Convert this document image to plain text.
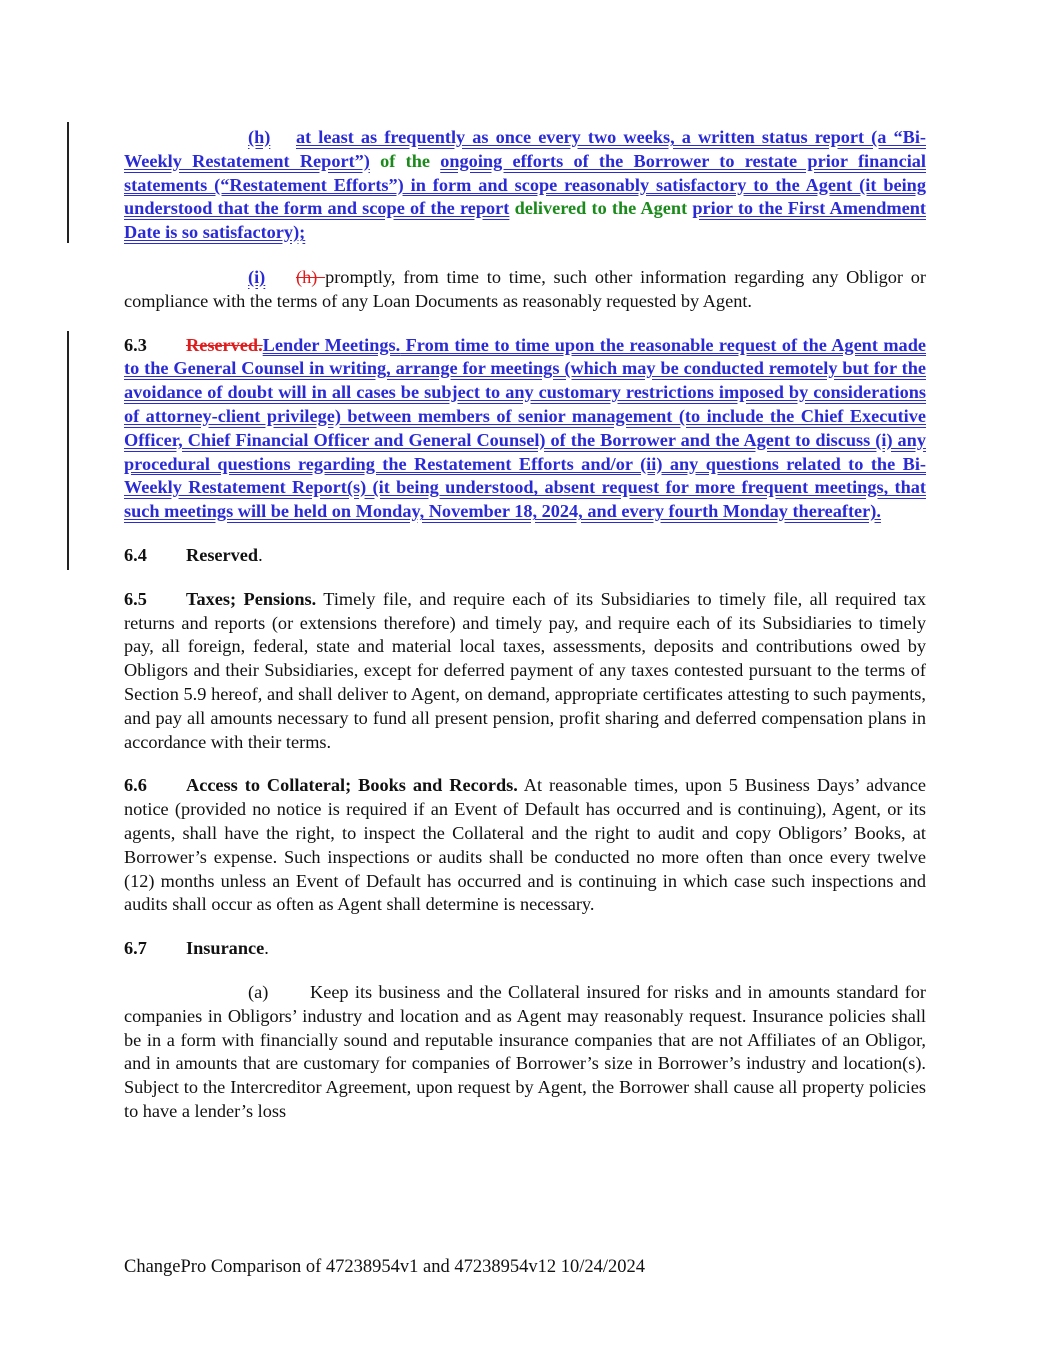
(h) at least as frequently as once every two weeks, a written status report (a “Bi-Weekly Restatement Report”) of the ongoing efforts of the Borrower to restate prior financial statements (“Restatement Efforts”) in form and scope reasonably satisfactory to the Agent (it being understood that the form and scope of the report delivered to the Agent prior to the First Amendment Date is so satisfactory);

(i) (h) promptly, from time to time, such other information regarding any Obligor or compliance with the terms of any Loan Documents as reasonably requested by Agent.

6.3 Reserved.Lender Meetings. From time to time upon the reasonable request of the Agent made to the General Counsel in writing, arrange for meetings (which may be conducted remotely but for the avoidance of doubt will in all cases be subject to any customary restrictions imposed by considerations of attorney-client privilege) between members of senior management (to include the Chief Executive Officer, Chief Financial Officer and General Counsel) of the Borrower and the Agent to discuss (i) any procedural questions regarding the Restatement Efforts and/or (ii) any questions related to the Bi-Weekly Restatement Report(s) (it being understood, absent request for more frequent meetings, that such meetings will be held on Monday, November 18, 2024, and every fourth Monday thereafter).

6.4 Reserved.

6.5 Taxes; Pensions. Timely file, and require each of its Subsidiaries to timely file, all required tax returns and reports (or extensions therefore) and timely pay, and require each of its Subsidiaries to timely pay, all foreign, federal, state and material local taxes, assessments, deposits and contributions owed by Obligors and their Subsidiaries, except for deferred payment of any taxes contested pursuant to the terms of Section 5.9 hereof, and shall deliver to Agent, on demand, appropriate certificates attesting to such payments, and pay all amounts necessary to fund all present pension, profit sharing and deferred compensation plans in accordance with their terms.

6.6 Access to Collateral; Books and Records. At reasonable times, upon 5 Business Days’ advance notice (provided no notice is required if an Event of Default has occurred and is continuing), Agent, or its agents, shall have the right, to inspect the Collateral and the right to audit and copy Obligors’ Books, at Borrower’s expense. Such inspections or audits shall be conducted no more often than once every twelve (12) months unless an Event of Default has occurred and is continuing in which case such inspections and audits shall occur as often as Agent shall determine is necessary.

6.7 Insurance.

(a) Keep its business and the Collateral insured for risks and in amounts standard for companies in Obligors’ industry and location and as Agent may reasonably request. Insurance policies shall be in a form with financially sound and reputable insurance companies that are not Affiliates of an Obligor, and in amounts that are customary for companies of Borrower’s size in Borrower’s industry and location(s). Subject to the Intercreditor Agreement, upon request by Agent, the Borrower shall cause all property policies to have a lender’s loss

ChangePro Comparison of 47238954v1 and 47238954v12 10/24/2024
